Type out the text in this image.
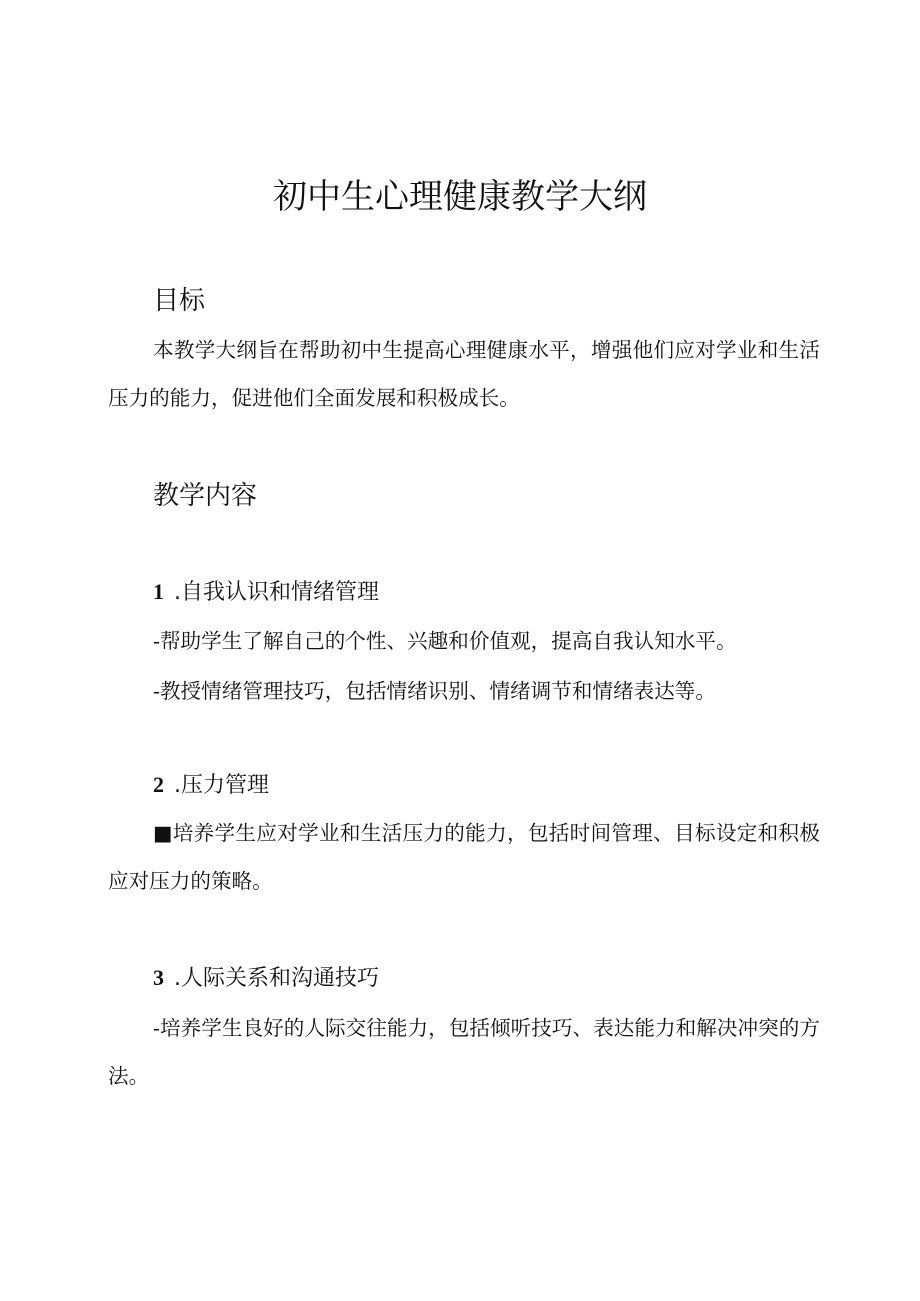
初中生心理健康教学大纲
目标

本教学大纲旨在帮助初中生提高心理健康水平，增强他们应对学业和生活压力的能力，促进他们全面发展和积极成长。

教学内容
1 .自我认识和情绪管理

-帮助学生了解自己的个性、兴趣和价值观，提高自我认知水平。

-教授情绪管理技巧，包括情绪识别、情绪调节和情绪表达等。

2 .压力管理

■培养学生应对学业和生活压力的能力，包括时间管理、目标设定和积极应对压力的策略。

3 .人际关系和沟通技巧

-培养学生良好的人际交往能力，包括倾听技巧、表达能力和解决冲突的方法。
